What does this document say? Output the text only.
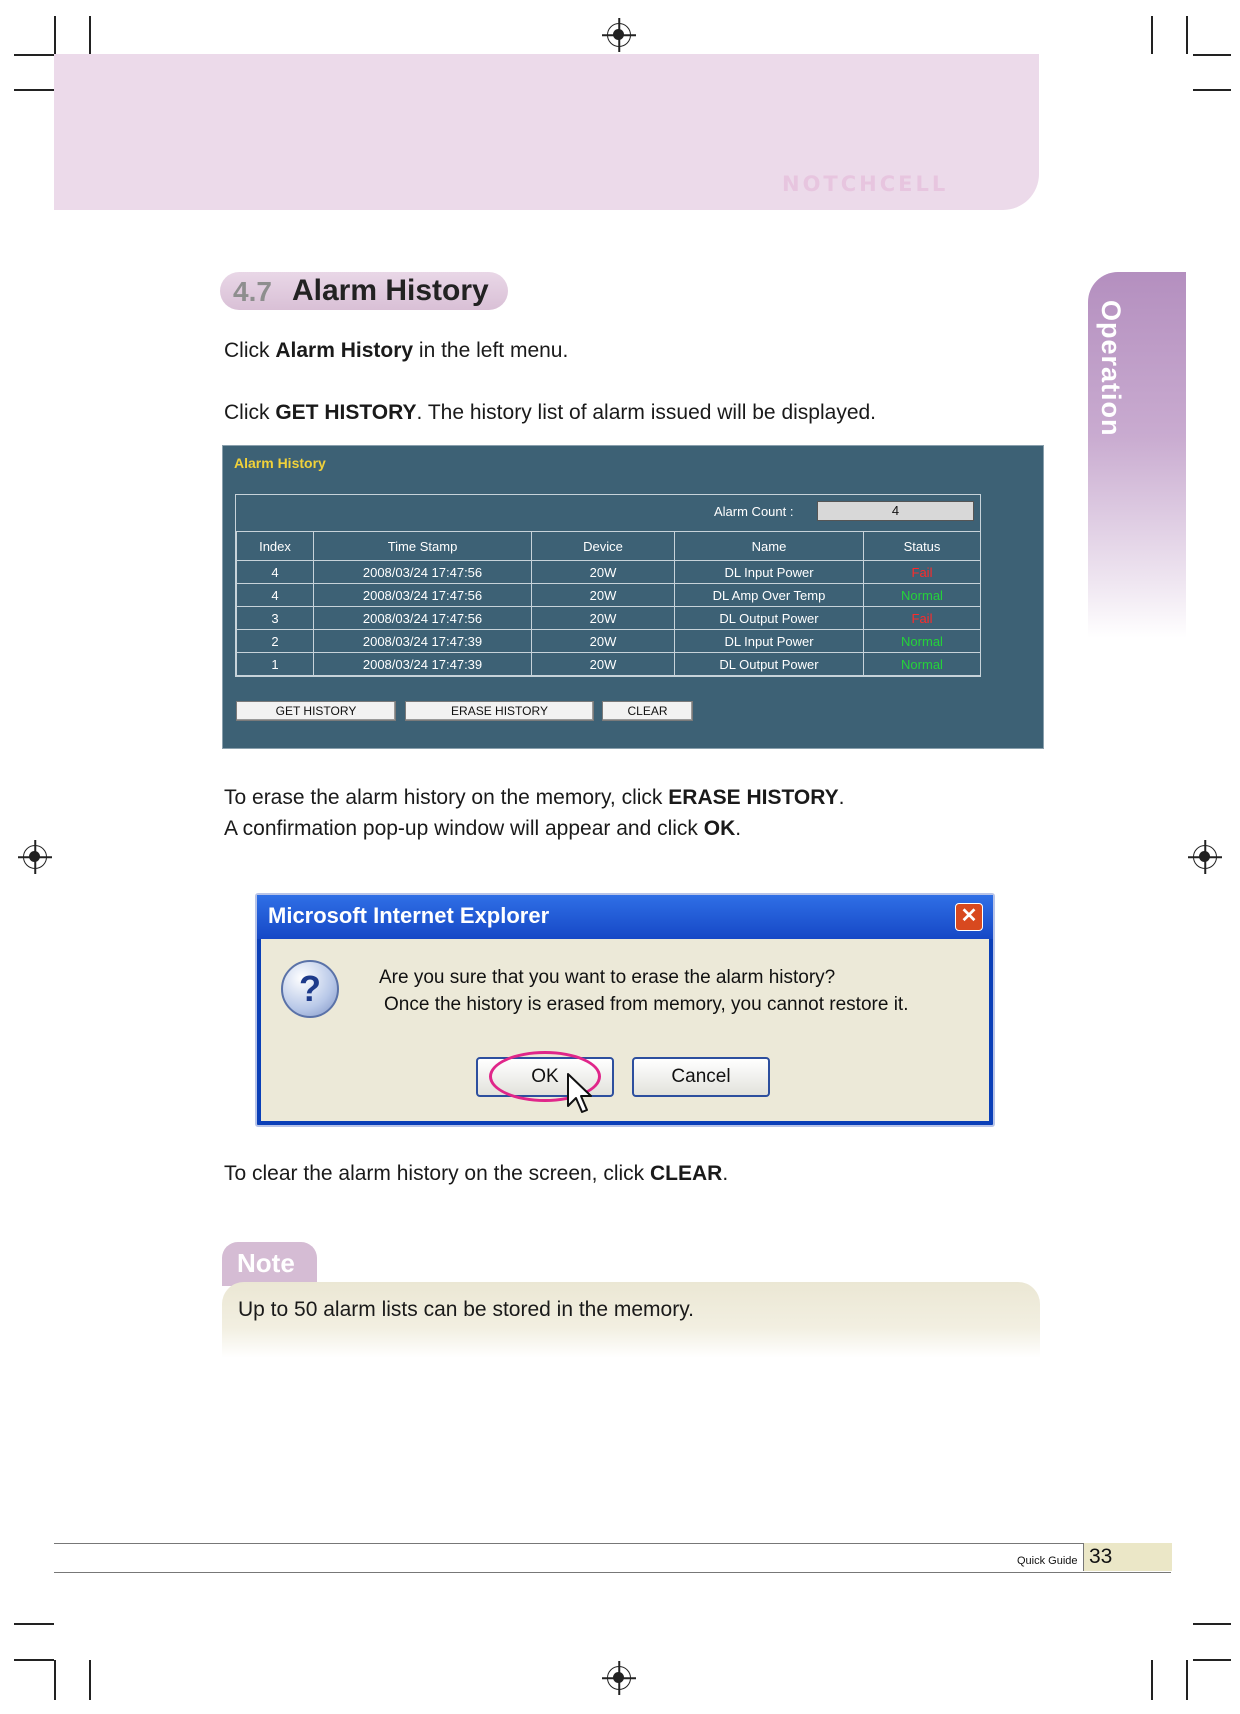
NOTCHCELL
Operation
4.7 Alarm History
Click Alarm History in the left menu.
Click GET HISTORY. The history list of alarm issued will be displayed.
Alarm History
Alarm Count :	4
Index	Time Stamp	Device	Name	Status
4	2008/03/24 17:47:56	20W	DL Input Power	Fail
4	2008/03/24 17:47:56	20W	DL Amp Over Temp	Normal
3	2008/03/24 17:47:56	20W	DL Output Power	Fail
2	2008/03/24 17:47:39	20W	DL Input Power	Normal
1	2008/03/24 17:47:39	20W	DL Output Power	Normal
GET HISTORY	ERASE HISTORY	CLEAR
To erase the alarm history on the memory, click ERASE HISTORY.
A confirmation pop-up window will appear and click OK.
Microsoft Internet Explorer	✕
?	Are you sure that you want to erase the alarm history?
Once the history is erased from memory, you cannot restore it.
OK	Cancel
To clear the alarm history on the screen, click CLEAR.
Note
Up to 50 alarm lists can be stored in the memory.
Quick Guide 33
